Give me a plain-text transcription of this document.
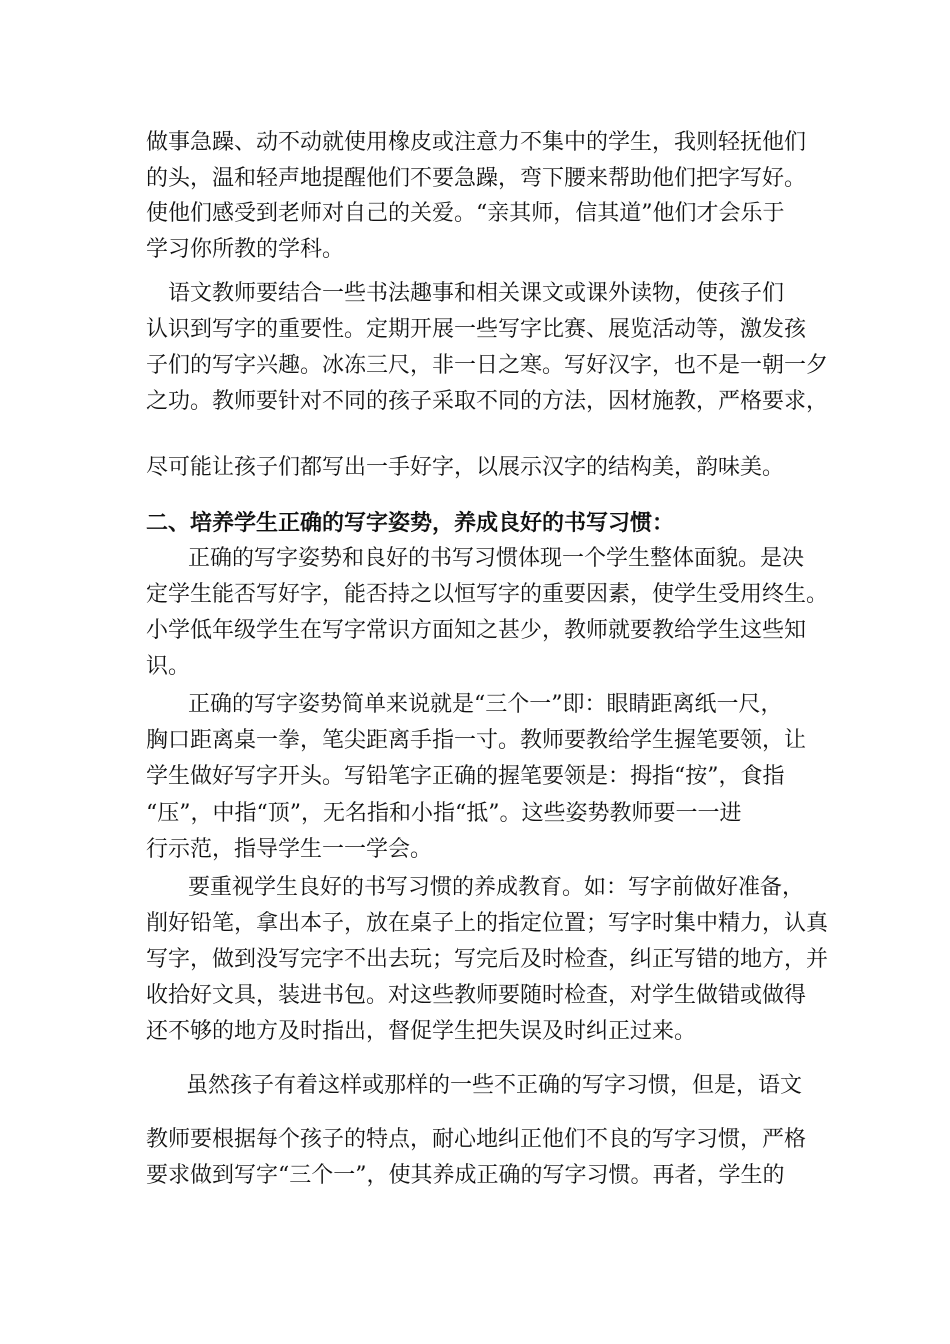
做事急躁、动不动就使用橡皮或注意力不集中的学生，我则轻抚他们
的头，温和轻声地提醒他们不要急躁，弯下腰来帮助他们把字写好。
使他们感受到老师对自己的关爱。“亲其师，信其道”他们才会乐于
学习你所教的学科。
语文教师要结合一些书法趣事和相关课文或课外读物，使孩子们
认识到写字的重要性。定期开展一些写字比赛、展览活动等，激发孩
子们的写字兴趣。冰冻三尺，非一日之寒。写好汉字，也不是一朝一夕
之功。教师要针对不同的孩子采取不同的方法，因材施教，严格要求，
尽可能让孩子们都写出一手好字，以展示汉字的结构美，韵味美。
二、培养学生正确的写字姿势，养成良好的书写习惯：
正确的写字姿势和良好的书写习惯体现一个学生整体面貌。是决
定学生能否写好字，能否持之以恒写字的重要因素，使学生受用终生。
小学低年级学生在写字常识方面知之甚少，教师就要教给学生这些知
识。
正确的写字姿势简单来说就是“三个一”即：眼睛距离纸一尺，
胸口距离桌一拳，笔尖距离手指一寸。教师要教给学生握笔要领，让
学生做好写字开头。写铅笔字正确的握笔要领是：拇指“按”，食指
“压”，中指“顶”，无名指和小指“抵”。这些姿势教师要一一进
行示范，指导学生一一学会。
要重视学生良好的书写习惯的养成教育。如：写字前做好准备，
削好铅笔，拿出本子，放在桌子上的指定位置；写字时集中精力，认真
写字，做到没写完字不出去玩；写完后及时检查，纠正写错的地方，并
收拾好文具，装进书包。对这些教师要随时检查，对学生做错或做得
还不够的地方及时指出，督促学生把失误及时纠正过来。
虽然孩子有着这样或那样的一些不正确的写字习惯，但是，语文
教师要根据每个孩子的特点，耐心地纠正他们不良的写字习惯，严格
要求做到写字“三个一”，使其养成正确的写字习惯。再者，学生的
